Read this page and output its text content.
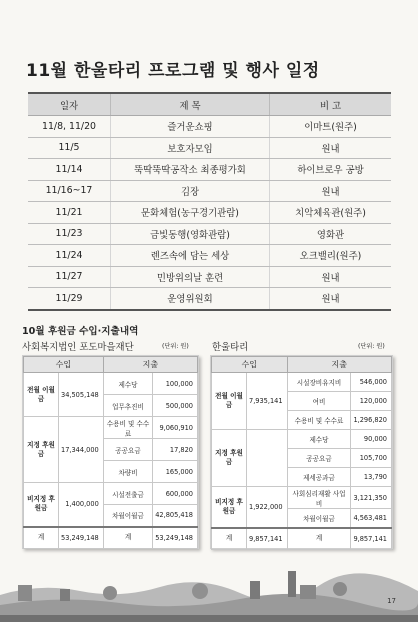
11월 한울타리 프로그램 및 행사 일정
일자	제 목	비 고
11/8, 11/20	즐거운쇼핑	이마트(원주)
11/5	보호자모임	원내
11/14	뚝딱뚝딱공작소 최종평가회	하이브로우 공방
11/16~17	김장	원내
11/21	문화체험(농구경기관람)	치악체육관(원주)
11/23	금빛동행(영화관람)	영화관
11/24	렌즈속에 담는 세상	오크밸리(원주)
11/27	민방위의날 훈련	원내
11/29	운영위원회	원내
10월 후원금 수입·지출내역
사회복지법인 포도마을재단	(단위: 원) 한울타리	(단위: 원)
수입		지출	
전월 이월금	34,505,148	제수당	100,000
		업무추진비	500,000
지정 후원금	17,344,000	수용비 및 수수료	9,060,910
		공공요금	17,820
		차량비	165,000
비지정 후원금	1,400,000	시설전출금	600,000
		차월이월금	42,805,418
계	53,249,148	계	53,249,148
수입		지출	
전월 이월금	7,935,141	시설장비유지비	546,000
		여비	120,000
		수용비 및 수수료	1,296,820
지정 후원금		제수당	90,000
		공공요금	105,700
		제세공과금	13,790
비지정 후원금	1,922,000	사회심리재활 사업비	3,121,350
		차월이월금	4,563,481
계	9,857,141	계	9,857,141
17
